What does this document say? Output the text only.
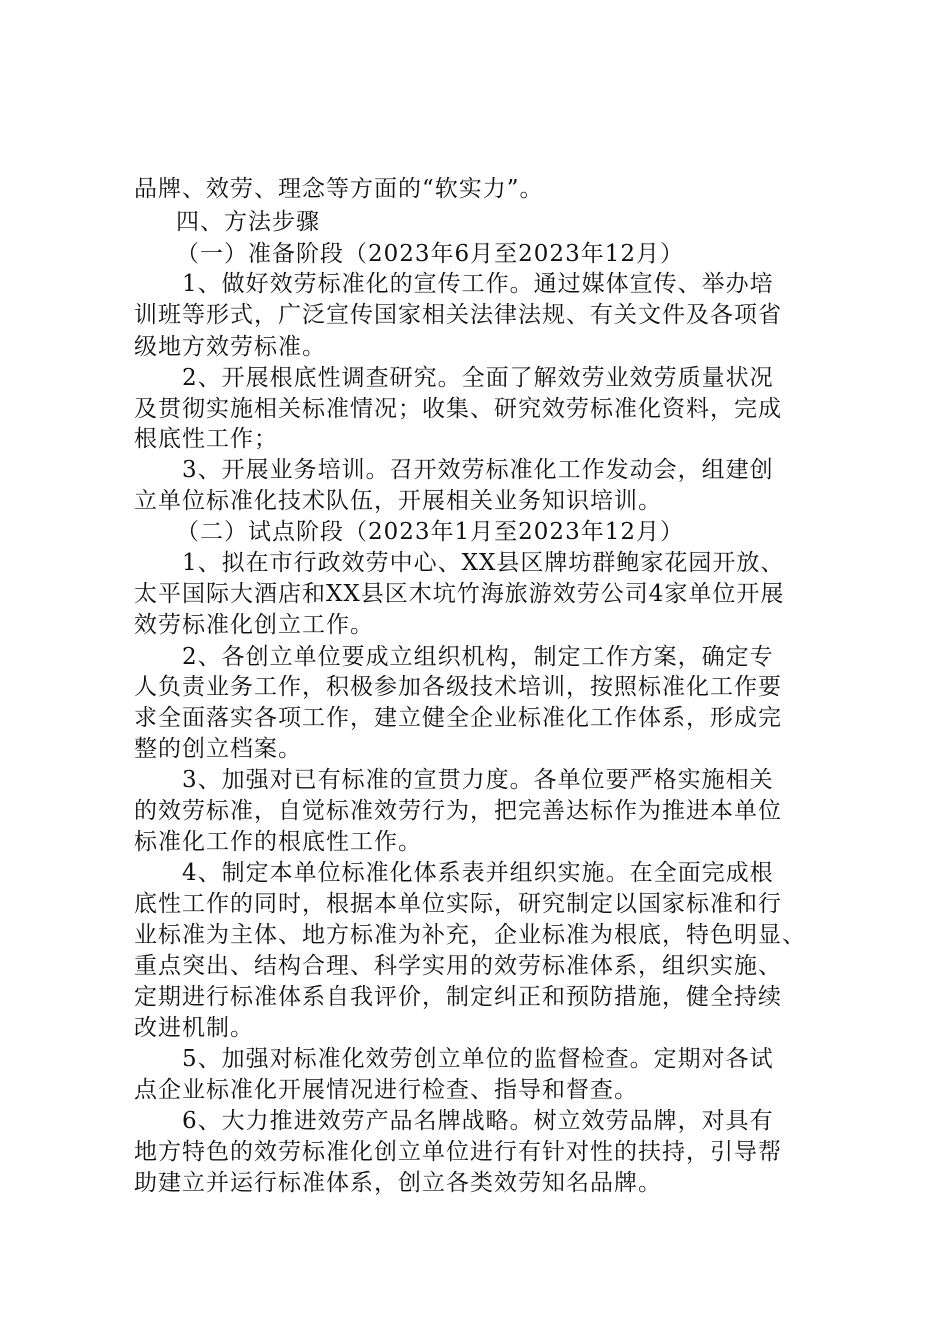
品牌、效劳、理念等方面的“软实力”。
四、方法步骤
（一）准备阶段（2023年6月至2023年12月）
1、做好效劳标准化的宣传工作。通过媒体宣传、举办培
训班等形式，广泛宣传国家相关法律法规、有关文件及各项省
级地方效劳标准。
2、开展根底性调查研究。全面了解效劳业效劳质量状况
及贯彻实施相关标准情况；收集、研究效劳标准化资料，完成
根底性工作；
3、开展业务培训。召开效劳标准化工作发动会，组建创
立单位标准化技术队伍，开展相关业务知识培训。
（二）试点阶段（2023年1月至2023年12月）
1、拟在市行政效劳中心、XX县区牌坊群鲍家花园开放、
太平国际大酒店和XX县区木坑竹海旅游效劳公司4家单位开展
效劳标准化创立工作。
2、各创立单位要成立组织机构，制定工作方案，确定专
人负责业务工作，积极参加各级技术培训，按照标准化工作要
求全面落实各项工作，建立健全企业标准化工作体系，形成完
整的创立档案。
3、加强对已有标准的宣贯力度。各单位要严格实施相关
的效劳标准，自觉标准效劳行为，把完善达标作为推进本单位
标准化工作的根底性工作。
4、制定本单位标准化体系表并组织实施。在全面完成根
底性工作的同时，根据本单位实际，研究制定以国家标准和行
业标准为主体、地方标准为补充，企业标准为根底，特色明显、
重点突出、结构合理、科学实用的效劳标准体系，组织实施、
定期进行标准体系自我评价，制定纠正和预防措施，健全持续
改进机制。
5、加强对标准化效劳创立单位的监督检查。定期对各试
点企业标准化开展情况进行检查、指导和督查。
6、大力推进效劳产品名牌战略。树立效劳品牌，对具有
地方特色的效劳标准化创立单位进行有针对性的扶持，引导帮
助建立并运行标准体系，创立各类效劳知名品牌。
